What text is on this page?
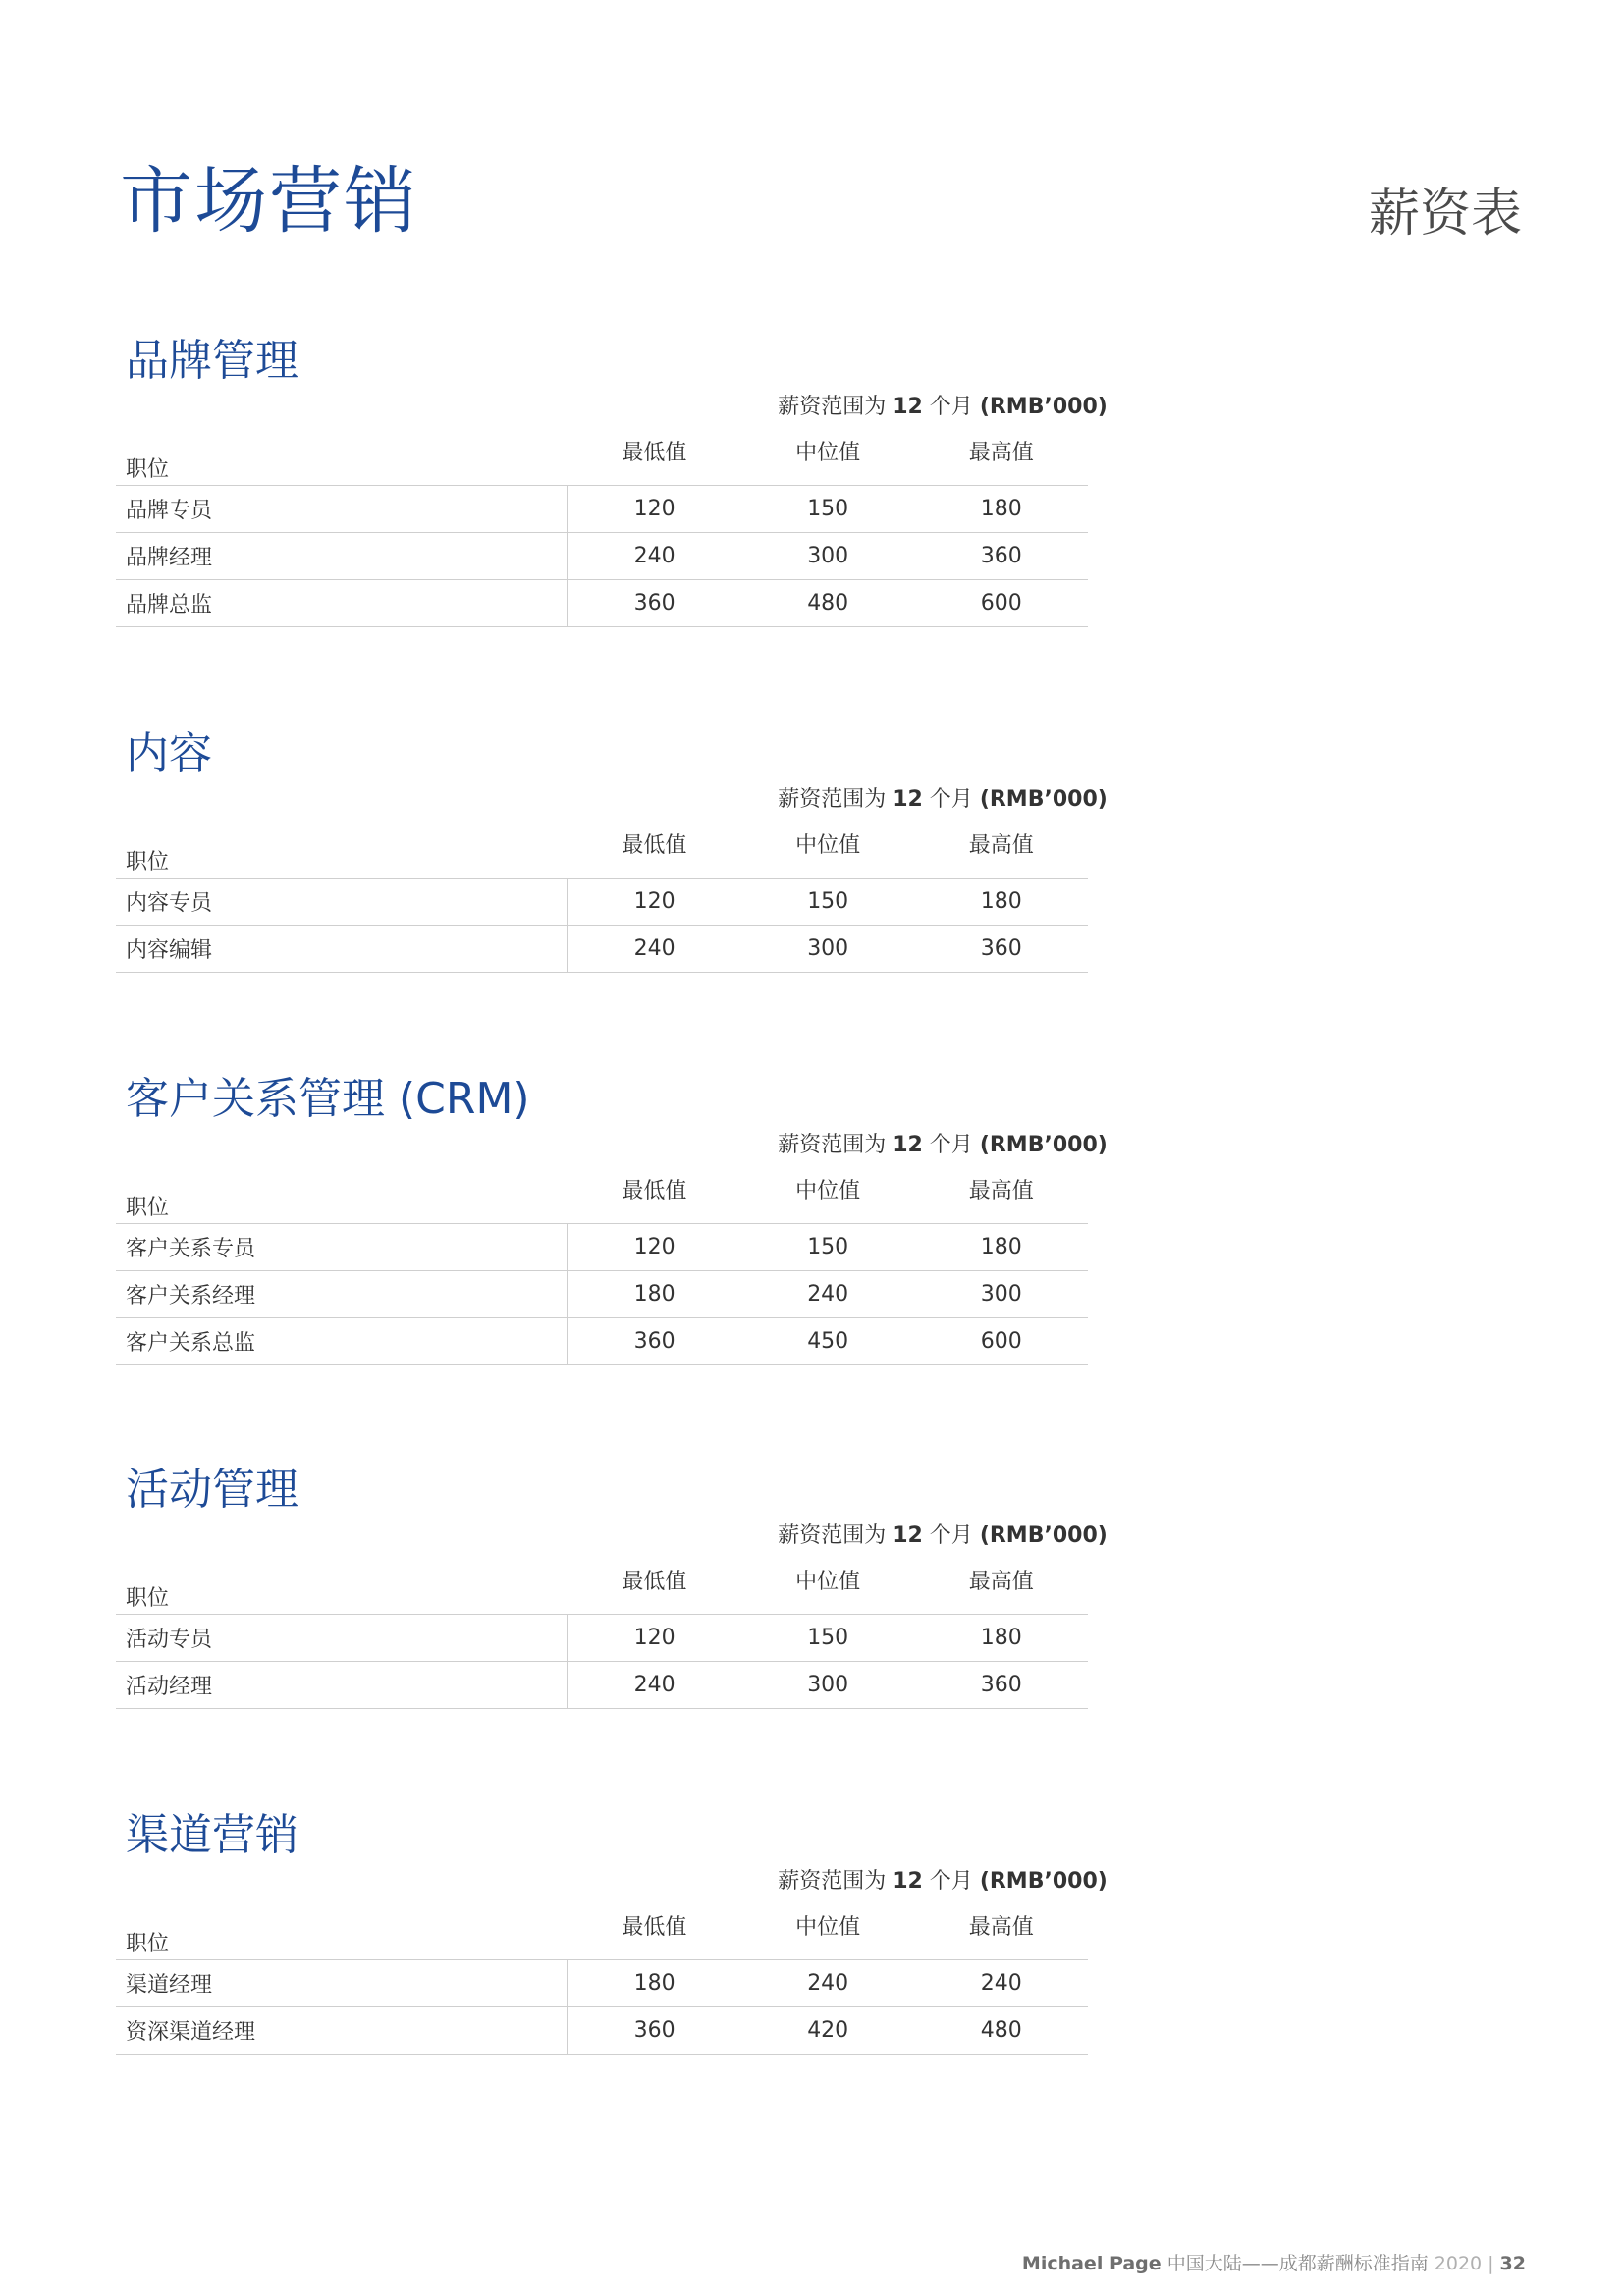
市场营销	薪资表
品牌管理
薪资范围为 12 个月 (RMB’000)
职位	最低值	中位值	最高值
品牌专员	120	150	180
品牌经理	240	300	360
品牌总监	360	480	600
内容
薪资范围为 12 个月 (RMB’000)
职位	最低值	中位值	最高值
内容专员	120	150	180
内容编辑	240	300	360
客户关系管理 (CRM)
薪资范围为 12 个月 (RMB’000)
职位	最低值	中位值	最高值
客户关系专员	120	150	180
客户关系经理	180	240	300
客户关系总监	360	450	600
活动管理
薪资范围为 12 个月 (RMB’000)
职位	最低值	中位值	最高值
活动专员	120	150	180
活动经理	240	300	360
渠道营销
薪资范围为 12 个月 (RMB’000)
职位	最低值	中位值	最高值
渠道经理	180	240	240
资深渠道经理	360	420	480
Michael Page 中国大陆——成都薪酬标准指南 2020 | 32
